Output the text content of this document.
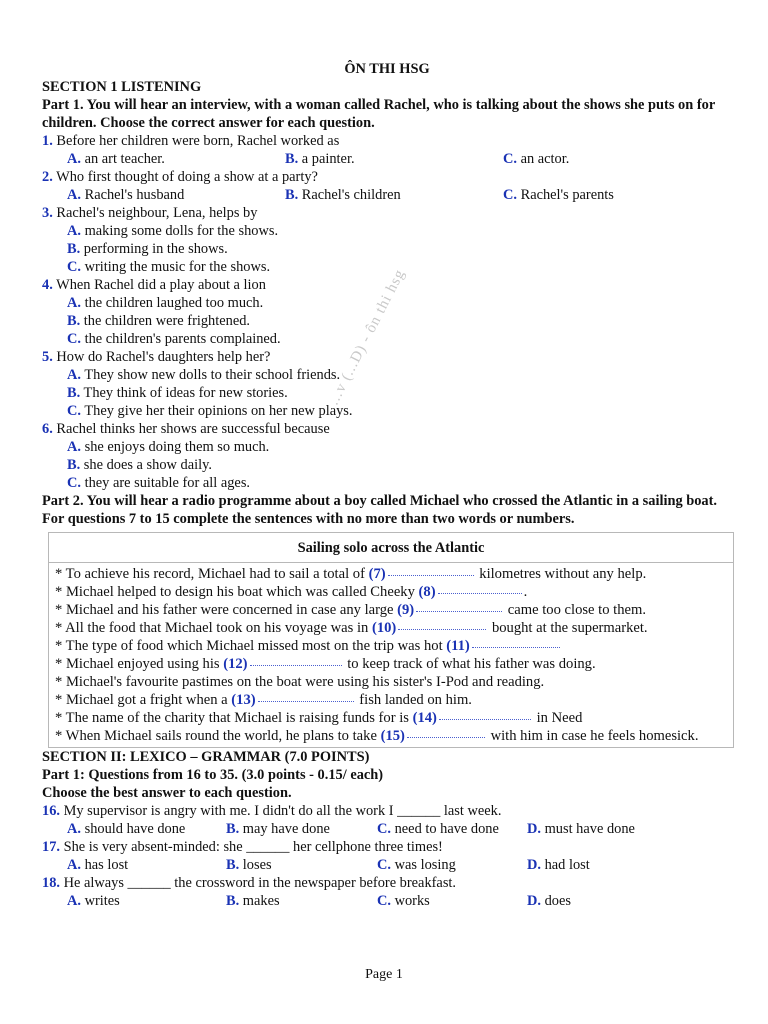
ÔN THI HSG
SECTION 1 LISTENING
Part 1. You will hear an interview, with a woman called Rachel, who is talking about the shows she puts on for children. Choose the correct answer for each question.
1. Before her children were born, Rachel worked as
A. an art teacher.	B. a painter.	C. an actor.
2. Who first thought of doing a show at a party?
A. Rachel's husband	B. Rachel's children	C. Rachel's parents
3. Rachel's neighbour, Lena, helps by
A. making some dolls for the shows.
B. performing in the shows.
C. writing the music for the shows.
4. When Rachel did a play about a lion
A. the children laughed too much.
B. the children were frightened.
C. the children's parents complained.
5. How do Rachel's daughters help her?
A. They show new dolls to their school friends.
B. They think of ideas for new stories.
C. They give her their opinions on her new plays.
6. Rachel thinks her shows are successful because
A. she enjoys doing them so much.
B. she does a show daily.
C. they are suitable for all ages.
Part 2. You will hear a radio programme about a boy called Michael who crossed the Atlantic in a sailing boat. For questions 7 to 15 complete the sentences with no more than two words or numbers.
Sailing solo across the Atlantic
* To achieve his record, Michael had to sail a total of (7)	kilometres without any help.
* Michael helped to design his boat which was called Cheeky (8)	.
* Michael and his father were concerned in case any large (9)	came too close to them.
* All the food that Michael took on his voyage was in (10)	bought at the supermarket.
* The type of food which Michael missed most on the trip was hot (11)
* Michael enjoyed using his (12)	to keep track of what his father was doing.
* Michael's favourite pastimes on the boat were using his sister's I-Pod and reading.
* Michael got a fright when a (13)	fish landed on him.
* The name of the charity that Michael is raising funds for is (14)	in Need
* When Michael sails round the world, he plans to take (15)	with him in case he feels homesick.
SECTION II: LEXICO – GRAMMAR (7.0 POINTS)
Part 1: Questions from 16 to 35. (3.0 points - 0.15/ each)
Choose the best answer to each question.
16. My supervisor is angry with me. I didn't do all the work I ______ last week.
A. should have done	B. may have done	C. need to have done	D. must have done
17. She is very absent-minded: she ______ her cellphone three times!
A. has lost	B. loses	C. was losing	D. had lost
18. He always ______ the crossword in the newspaper before breakfast.
A. writes	B. makes	C. works	D. does
...v (...D) - ôn thi hsg
Page 1
